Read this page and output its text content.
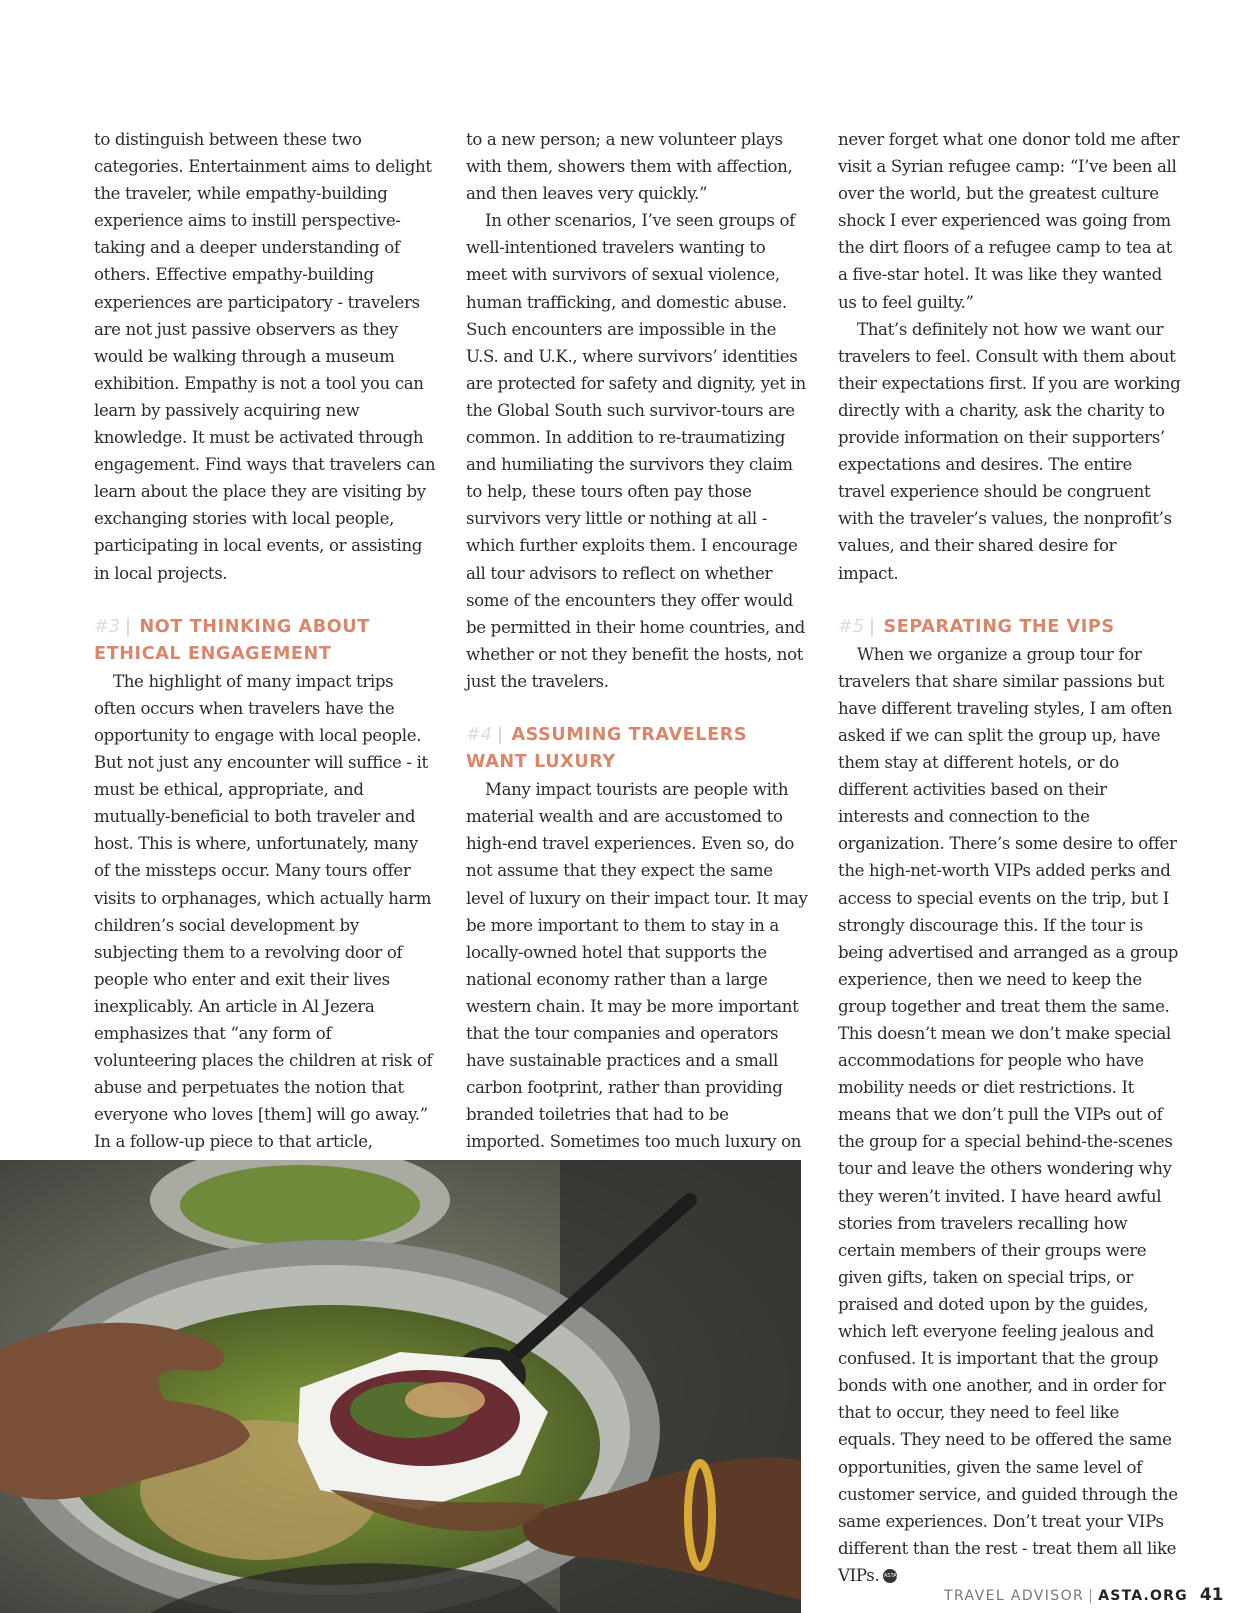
to distinguish between these two categories. Entertainment aims to delight the traveler, while empathy-building experience aims to instill perspective-taking and a deeper understanding of others. Effective empathy-building experiences are participatory - travelers are not just passive observers as they would be walking through a museum exhibition. Empathy is not a tool you can learn by passively acquiring new knowledge. It must be activated through engagement. Find ways that travelers can learn about the place they are visiting by exchanging stories with local people, participating in local events, or assisting in local projects.

#3 | NOT THINKING ABOUT ETHICAL ENGAGEMENT

The highlight of many impact trips often occurs when travelers have the opportunity to engage with local people. But not just any encounter will suffice - it must be ethical, appropriate, and mutually-beneficial to both traveler and host. This is where, unfortunately, many of the missteps occur. Many tours offer visits to orphanages, which actually harm children’s social development by subjecting them to a revolving door of people who enter and exit their lives inexplicably. An article in Al Jezera emphasizes that “any form of volunteering places the children at risk of abuse and perpetuates the notion that everyone who loves [them] will go away.” In a follow-up piece to that article,

to a new person; a new volunteer plays with them, showers them with affection, and then leaves very quickly.”

In other scenarios, I’ve seen groups of well-intentioned travelers wanting to meet with survivors of sexual violence, human trafficking, and domestic abuse. Such encounters are impossible in the U.S. and U.K., where survivors’ identities are protected for safety and dignity, yet in the Global South such survivor-tours are common. In addition to re-traumatizing and humiliating the survivors they claim to help, these tours often pay those survivors very little or nothing at all - which further exploits them. I encourage all tour advisors to reflect on whether some of the encounters they offer would be permitted in their home countries, and whether or not they benefit the hosts, not just the travelers.

#4 | ASSUMING TRAVELERS WANT LUXURY

Many impact tourists are people with material wealth and are accustomed to high-end travel experiences. Even so, do not assume that they expect the same level of luxury on their impact tour. It may be more important to them to stay in a locally-owned hotel that supports the national economy rather than a large western chain. It may be more important that the tour companies and operators have sustainable practices and a small carbon footprint, rather than providing branded toiletries that had to be imported. Sometimes too much luxury on

never forget what one donor told me after visit a Syrian refugee camp: “I’ve been all over the world, but the greatest culture shock I ever experienced was going from the dirt floors of a refugee camp to tea at a five-star hotel. It was like they wanted us to feel guilty.”

That’s definitely not how we want our travelers to feel. Consult with them about their expectations first. If you are working directly with a charity, ask the charity to provide information on their supporters’ expectations and desires. The entire travel experience should be congruent with the traveler’s values, the nonprofit’s values, and their shared desire for impact.

#5 | SEPARATING THE VIPS

When we organize a group tour for travelers that share similar passions but have different traveling styles, I am often asked if we can split the group up, have them stay at different hotels, or do different activities based on their interests and connection to the organization. There’s some desire to offer the high-net-worth VIPs added perks and access to special events on the trip, but I strongly discourage this. If the tour is being advertised and arranged as a group experience, then we need to keep the group together and treat them the same. This doesn’t mean we don’t make special accommodations for people who have mobility needs or diet restrictions. It means that we don’t pull the VIPs out of the group for a special behind-the-scenes tour and leave the others wondering why they weren’t invited. I have heard awful stories from travelers recalling how certain members of their groups were given gifts, taken on special trips, or praised and doted upon by the guides, which left everyone feeling jealous and confused. It is important that the group bonds with one another, and in order for that to occur, they need to feel like equals. They need to be offered the same opportunities, given the same level of customer service, and guided through the same experiences. Don’t treat your VIPs different than the rest - treat them all like VIPs. ASTA

TRAVEL ADVISOR | ASTA.ORG 41
